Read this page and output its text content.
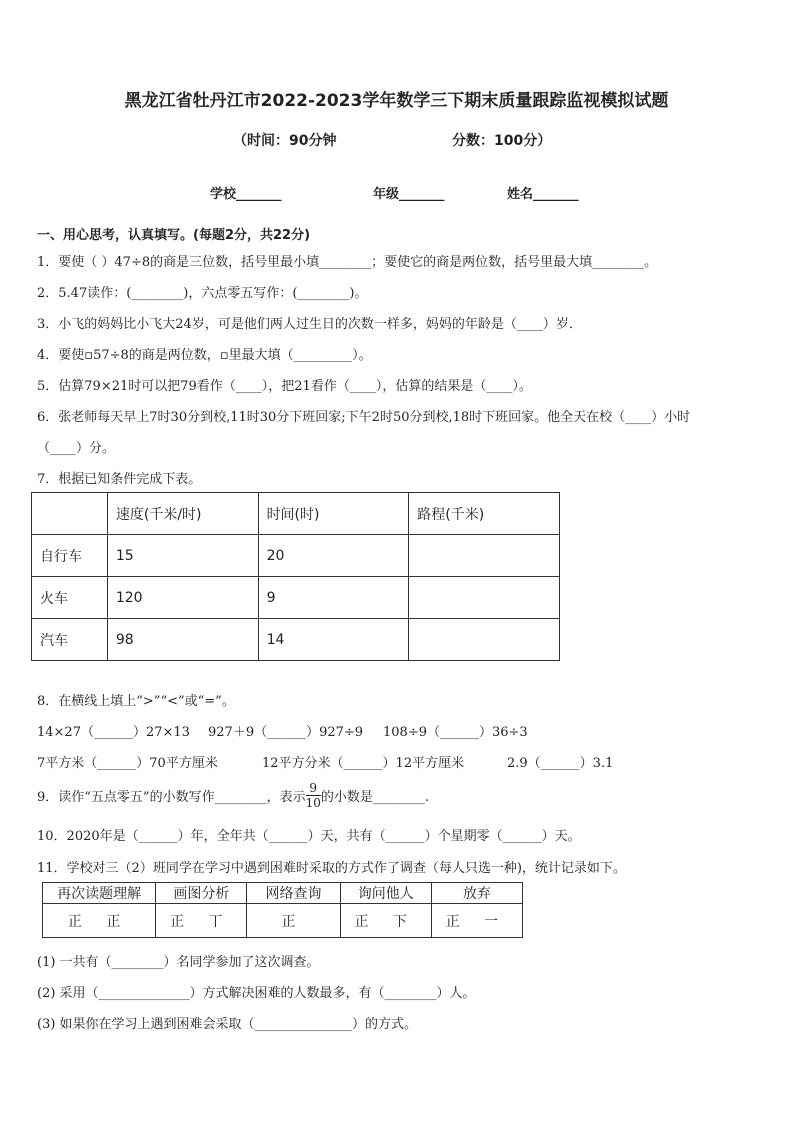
黑龙江省牡丹江市2022-2023学年数学三下期末质量跟踪监视模拟试题
（时间：90分钟	分数：100分）
学校_______	年级_______	姓名_______
一、用心思考，认真填写。(每题2分，共22分)
1．要使（ ）47÷8的商是三位数，括号里最小填________；要使它的商是两位数，括号里最大填________。
2．5.47读作：(________)，六点零五写作：(________)。
3．小飞的妈妈比小飞大24岁，可是他们两人过生日的次数一样多，妈妈的年龄是（____）岁．
4．要使▫57÷8的商是两位数，▫里最大填（_________）。
5．估算79×21时可以把79看作（____），把21看作（____），估算的结果是（____）。
6．张老师每天早上7时30分到校,11时30分下班回家;下午2时50分到校,18时下班回家。他全天在校（____）小时
（____）分。
7．根据已知条件完成下表。
	速度(千米/时)	时间(时)	路程(千米)
自行车	15	20	
火车	120	9	
汽车	98	14	
8．在横线上填上“>”“<”或“=”。
14×27（______）27×13 927＋9（______）927÷9 108÷9（______）36÷3
7平方米（______）70平方厘米	12平方分米（______）12平方厘米	2.9（______）3.1
9．读作“五点零五”的小数写作________，表示 $\frac{9}{10}$ 的小数是________.
10．2020年是（______）年，全年共（______）天，共有（______）个星期零（______）天。
11．学校对三（2）班同学在学习中遇到困难时采取的方式作了调查（每人只选一种)，统计记录如下。
再次读题理解	画图分析	网络查询	询问他人	放弃
正 正	正 丅	正	正 下	正 一
(1) 一共有（________）名同学参加了这次调查。
(2) 采用（______________）方式解决困难的人数最多，有（________）人。
(3) 如果你在学习上遇到困难会采取（_______________）的方式。
